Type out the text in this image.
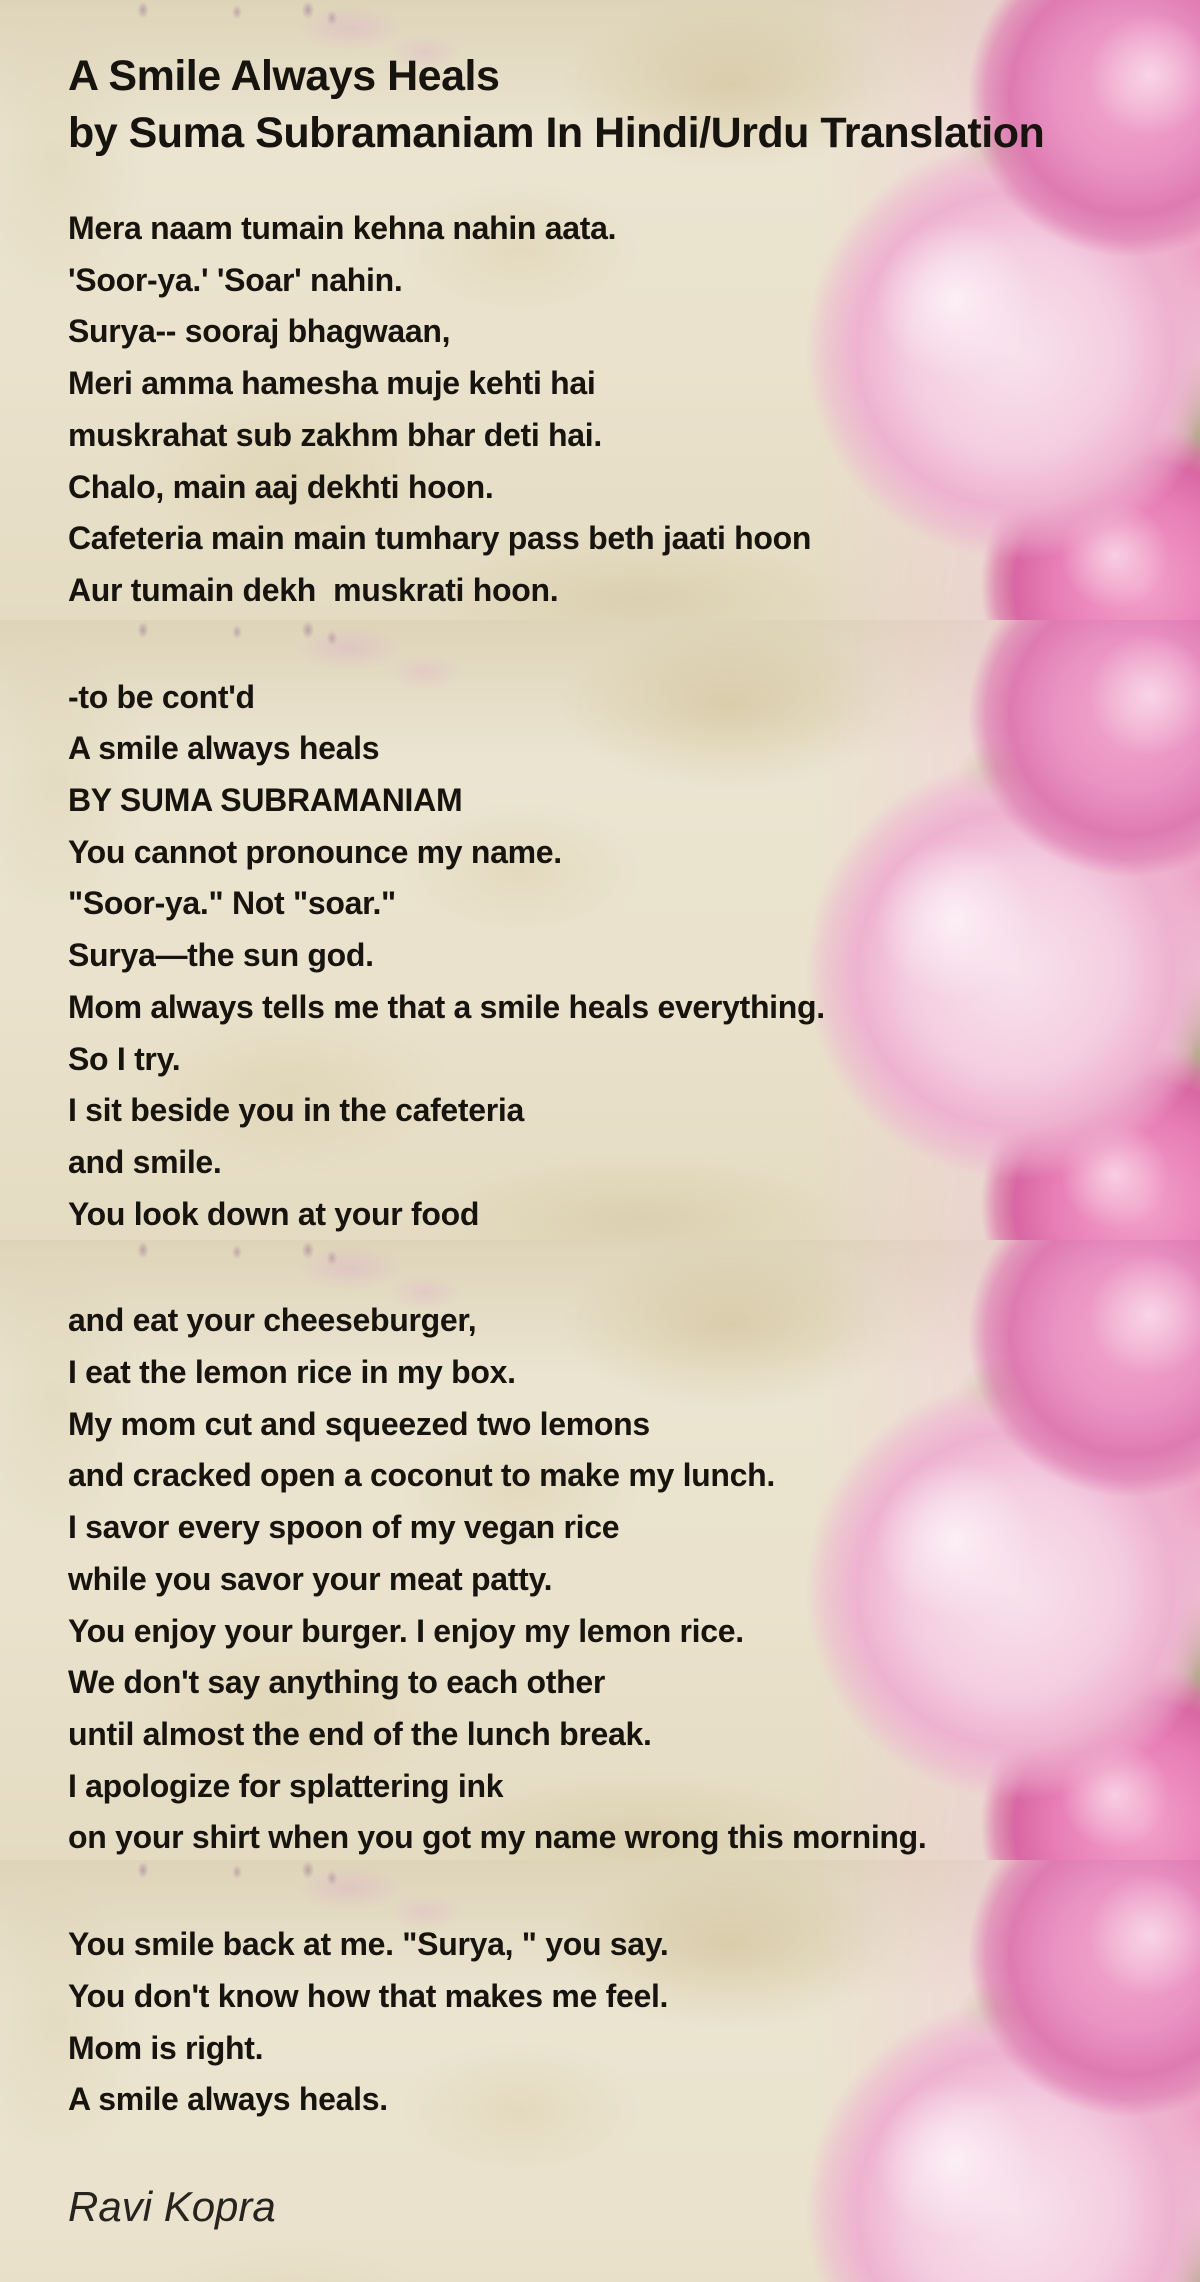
A Smile Always Heals
by Suma Subramaniam In Hindi/Urdu Translation
Mera naam tumain kehna nahin aata.
'Soor-ya.' 'Soar' nahin.
Surya-- sooraj bhagwaan,
Meri amma hamesha muje kehti hai
muskrahat sub zakhm bhar deti hai.
Chalo, main aaj dekhti hoon.
Cafeteria main main tumhary pass beth jaati hoon
Aur tumain dekh  muskrati hoon.
-to be cont'd
A smile always heals
BY SUMA SUBRAMANIAM
You cannot pronounce my name.
"Soor-ya." Not "soar."
Surya—the sun god.
Mom always tells me that a smile heals everything.
So I try.
I sit beside you in the cafeteria
and smile.
You look down at your food
and eat your cheeseburger,
I eat the lemon rice in my box.
My mom cut and squeezed two lemons
and cracked open a coconut to make my lunch.
I savor every spoon of my vegan rice
while you savor your meat patty.
You enjoy your burger. I enjoy my lemon rice.
We don't say anything to each other
until almost the end of the lunch break.
I apologize for splattering ink
on your shirt when you got my name wrong this morning.
You smile back at me. "Surya, " you say.
You don't know how that makes me feel.
Mom is right.
A smile always heals.
Ravi Kopra
